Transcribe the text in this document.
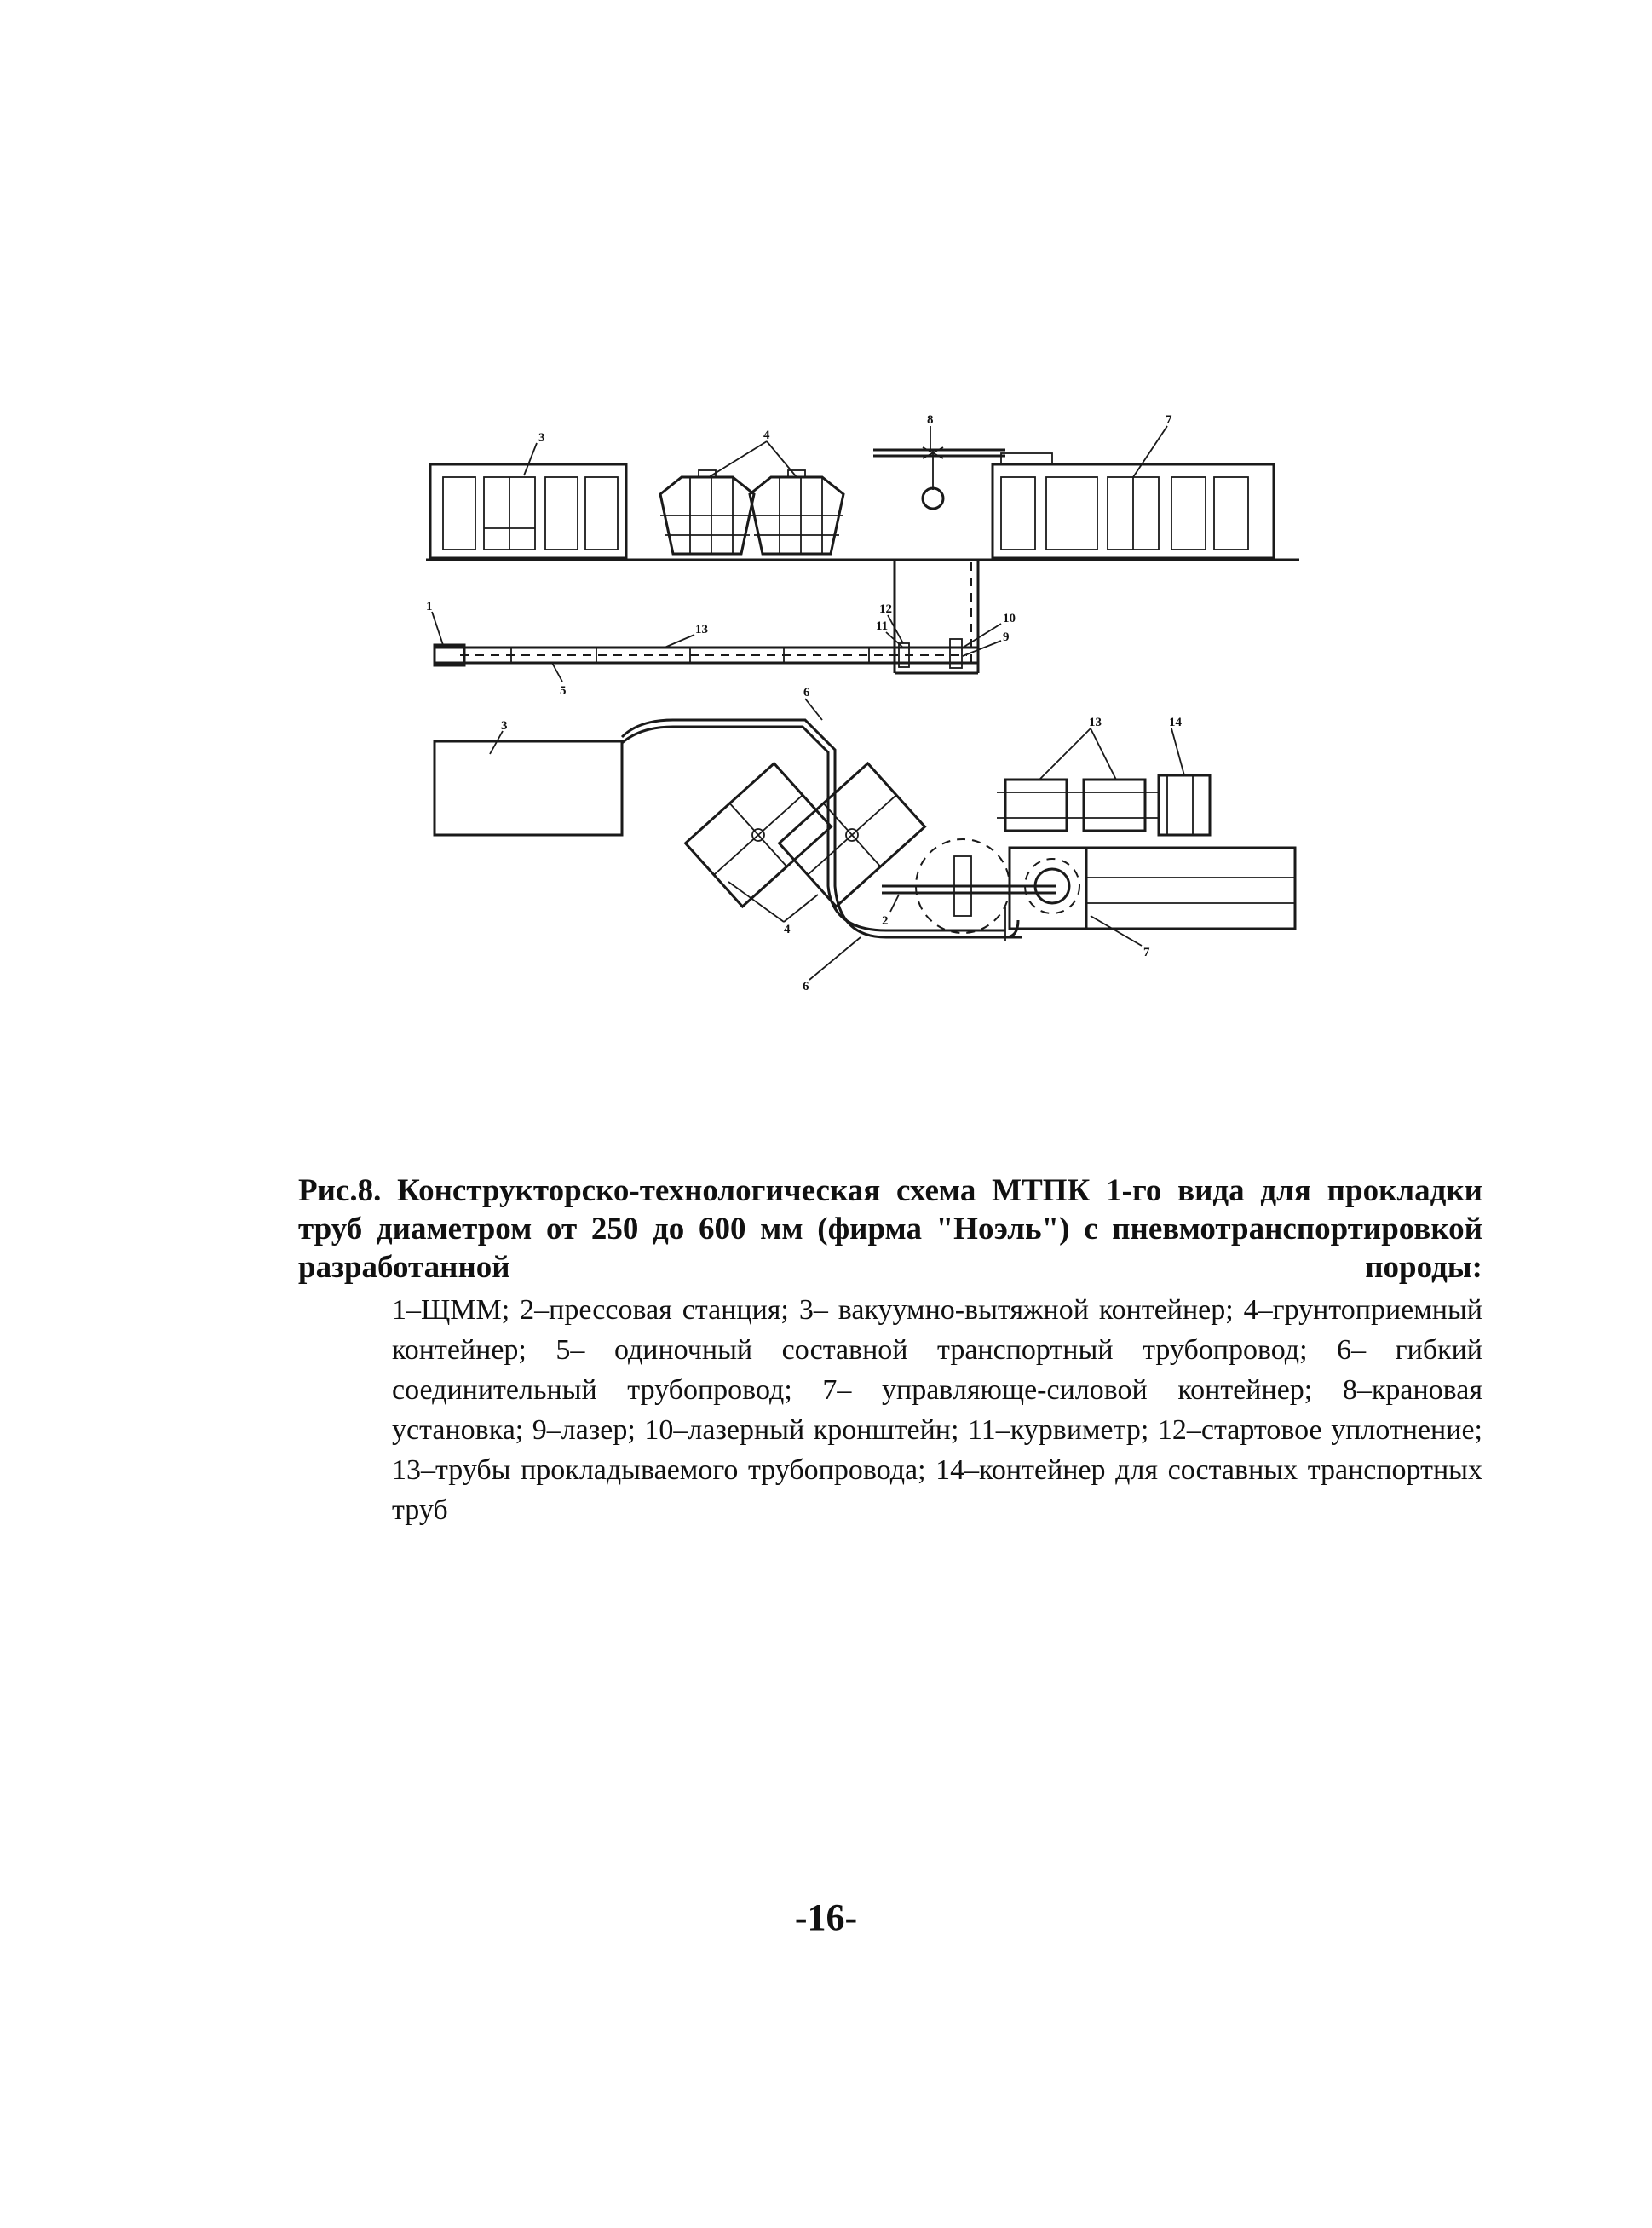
3	4
8	7
1
13
5
12
11
10
9
13	14
3
6
4
6
7
2
Рис.8. Конструкторско-технологическая схема МТПК 1-го вида для прокладки труб диаметром от 250 до 600 мм (фирма "Ноэль") с пневмотранспортировкой разработанной породы:
1–ЩММ; 2–прессовая станция; 3– вакуумно-вытяжной контейнер; 4–грунтоприемный контейнер; 5– одиночный составной транспортный трубопровод; 6– гибкий соединительный трубопровод; 7– управляюще-силовой контейнер; 8–крановая установка; 9–лазер; 10–лазерный кронштейн; 11–курвиметр; 12–стартовое уплотнение; 13–трубы прокладываемого трубопровода; 14–контейнер для составных транспортных труб
-16-
